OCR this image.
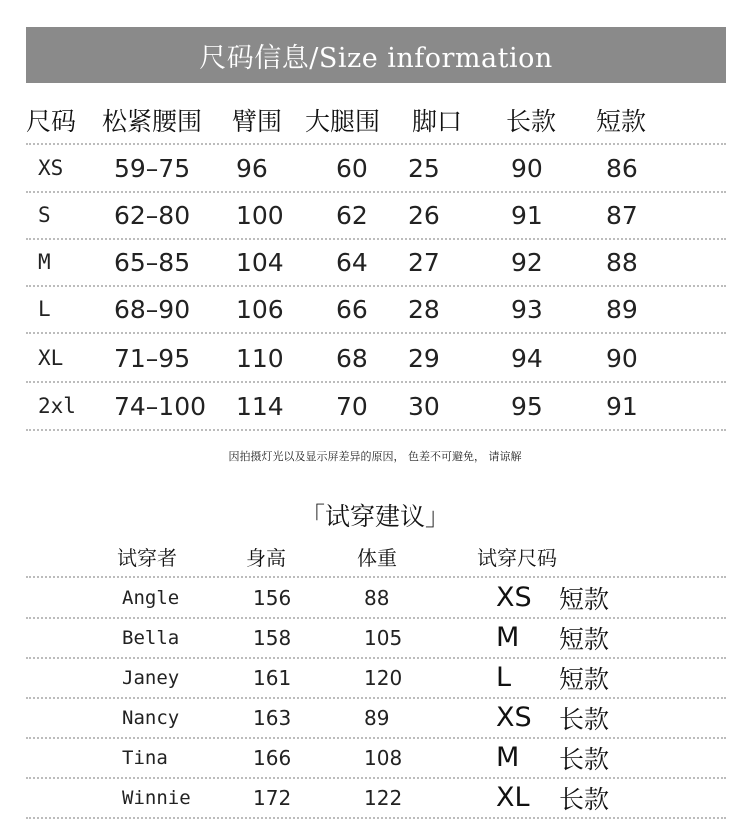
尺码信息/Size information
尺码 松紧腰围 臂围 大腿围 脚口 长款 短款
XS 59–75 96	60 25	90	86
S	62–80 100 62 26	91	87
M	65–85 104 64 27	92	88
L	68–90 106 66 28	93	89
XL 71–95 110 68 29	94	90
2xl 74–100 114 70 30	95	91
因拍摄灯光以及显示屏差异的原因， 色差不可避免， 请谅解
「试穿建议」
试穿者	身高	体重	试穿尺码
Angle	156	88	XS 短款
Bella	158	105	M 短款
Janey	161	120	L 短款
Nancy	163	89	XS 长款
Tina	166	108	M 长款
Winnie	172	122	XL 长款
